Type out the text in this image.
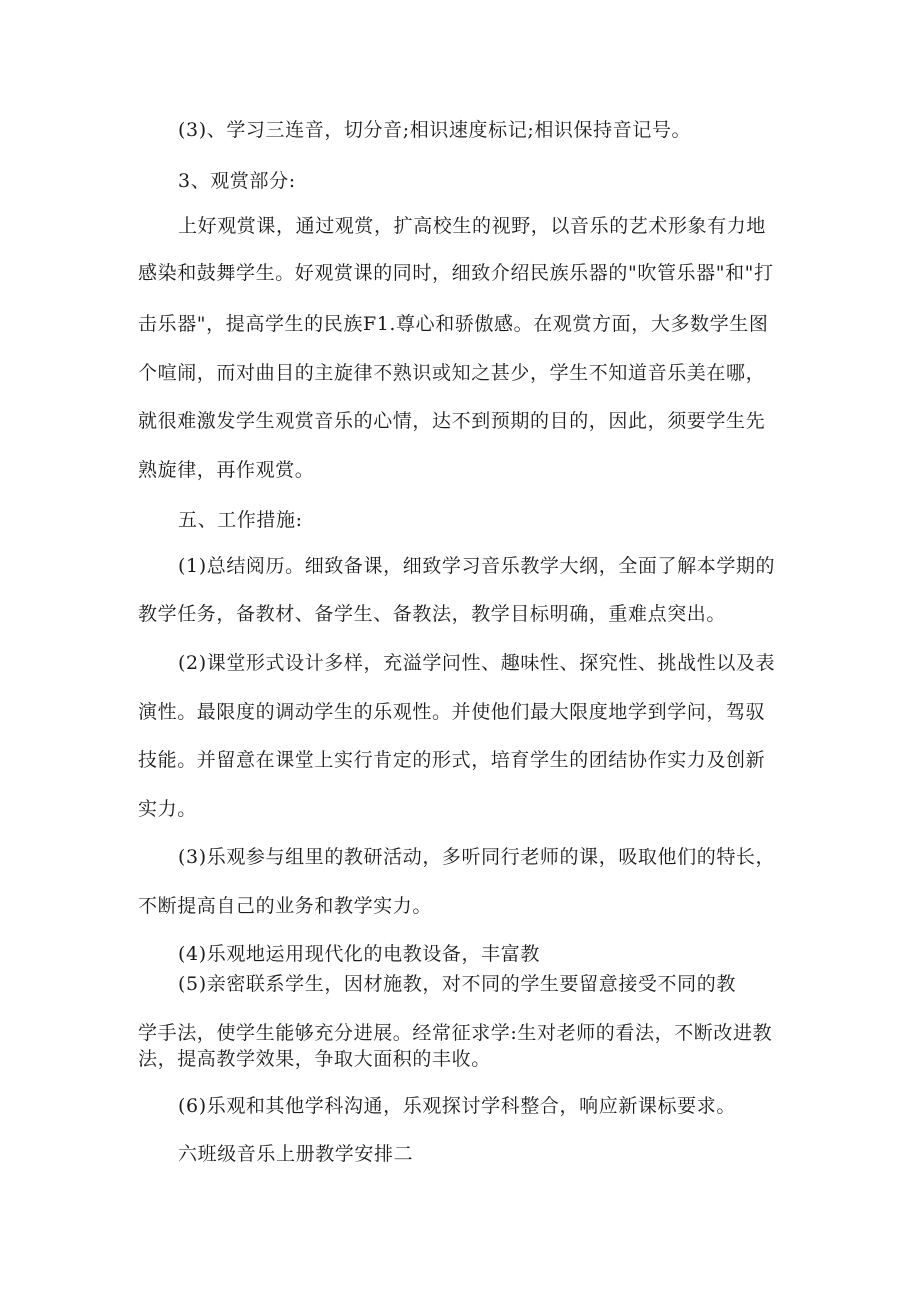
(3)、学习三连音，切分音;相识速度标记;相识保持音记号。
3、观赏部分:
上好观赏课，通过观赏，扩高校生的视野，以音乐的艺术形象有力地
感染和鼓舞学生。好观赏课的同时，细致介绍民族乐器的"吹管乐器"和"打
击乐器"，提高学生的民族F1.尊心和骄傲感。在观赏方面，大多数学生图
个喧闹，而对曲目的主旋律不熟识或知之甚少，学生不知道音乐美在哪，
就很难激发学生观赏音乐的心情，达不到预期的目的，因此，须要学生先
熟旋律，再作观赏。
五、工作措施:
(1)总结阅历。细致备课，细致学习音乐教学大纲，全面了解本学期的
教学任务，备教材、备学生、备教法，教学目标明确，重难点突出。
(2)课堂形式设计多样，充溢学问性、趣味性、探究性、挑战性以及表
演性。最限度的调动学生的乐观性。并使他们最大限度地学到学问，驾驭
技能。并留意在课堂上实行肯定的形式，培育学生的团结协作实力及创新
实力。
(3)乐观参与组里的教研活动，多听同行老师的课，吸取他们的特长，
不断提高自己的业务和教学实力。
(4)乐观地运用现代化的电教设备，丰富教
(5)亲密联系学生，因材施教，对不同的学生要留意接受不同的教
学手法，使学生能够充分进展。经常征求学:生对老师的看法，不断改进教
法，提高教学效果，争取大面积的丰收。
(6)乐观和其他学科沟通，乐观探讨学科整合，响应新课标要求。
六班级音乐上册教学安排二
